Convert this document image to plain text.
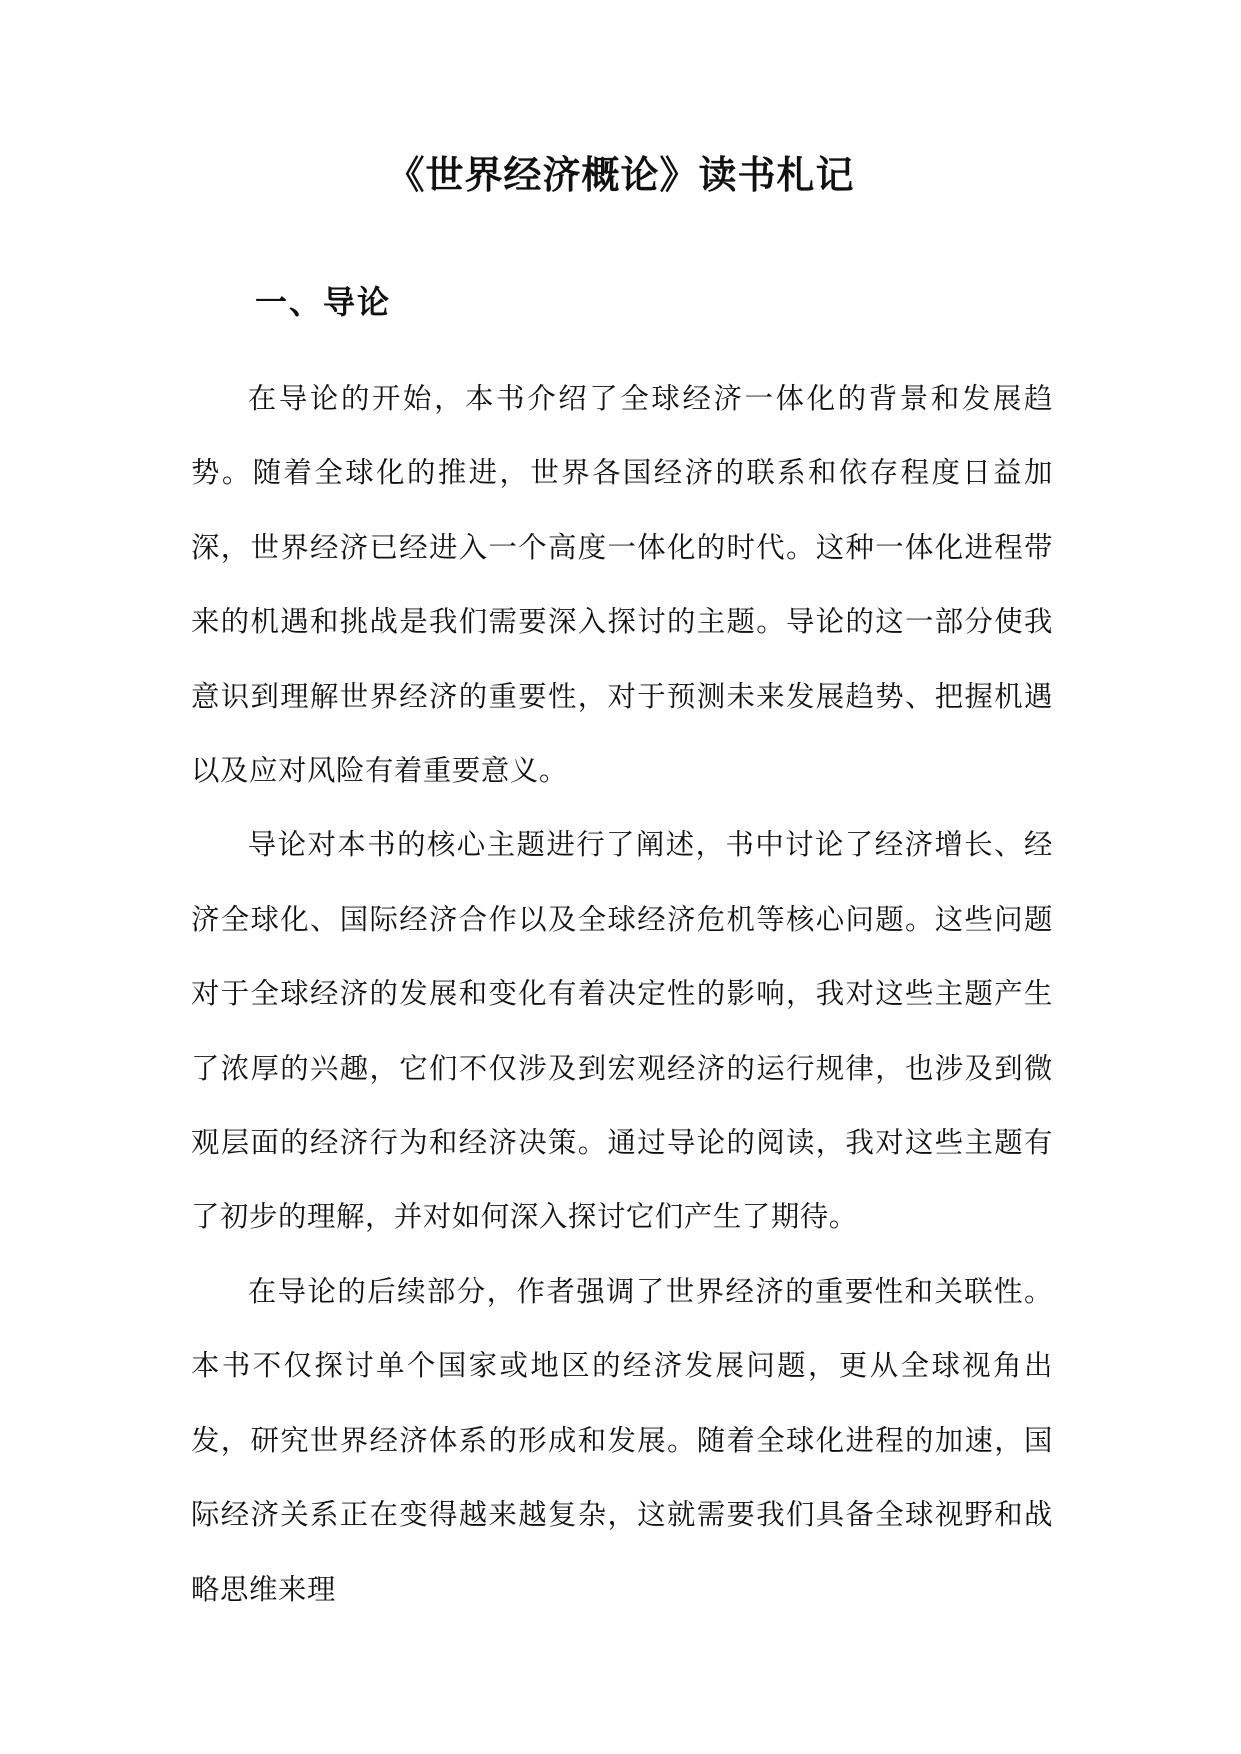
《世界经济概论》读书札记
一、导论

在导论的开始，本书介绍了全球经济一体化的背景和发展趋势。随着全球化的推进，世界各国经济的联系和依存程度日益加深，世界经济已经进入一个高度一体化的时代。这种一体化进程带来的机遇和挑战是我们需要深入探讨的主题。导论的这一部分使我意识到理解世界经济的重要性，对于预测未来发展趋势、把握机遇以及应对风险有着重要意义。

导论对本书的核心主题进行了阐述，书中讨论了经济增长、经济全球化、国际经济合作以及全球经济危机等核心问题。这些问题对于全球经济的发展和变化有着决定性的影响，我对这些主题产生了浓厚的兴趣，它们不仅涉及到宏观经济的运行规律，也涉及到微观层面的经济行为和经济决策。通过导论的阅读，我对这些主题有了初步的理解，并对如何深入探讨它们产生了期待。

在导论的后续部分，作者强调了世界经济的重要性和关联性。本书不仅探讨单个国家或地区的经济发展问题，更从全球视角出发，研究世界经济体系的形成和发展。随着全球化进程的加速，国际经济关系正在变得越来越复杂，这就需要我们具备全球视野和战略思维来理
